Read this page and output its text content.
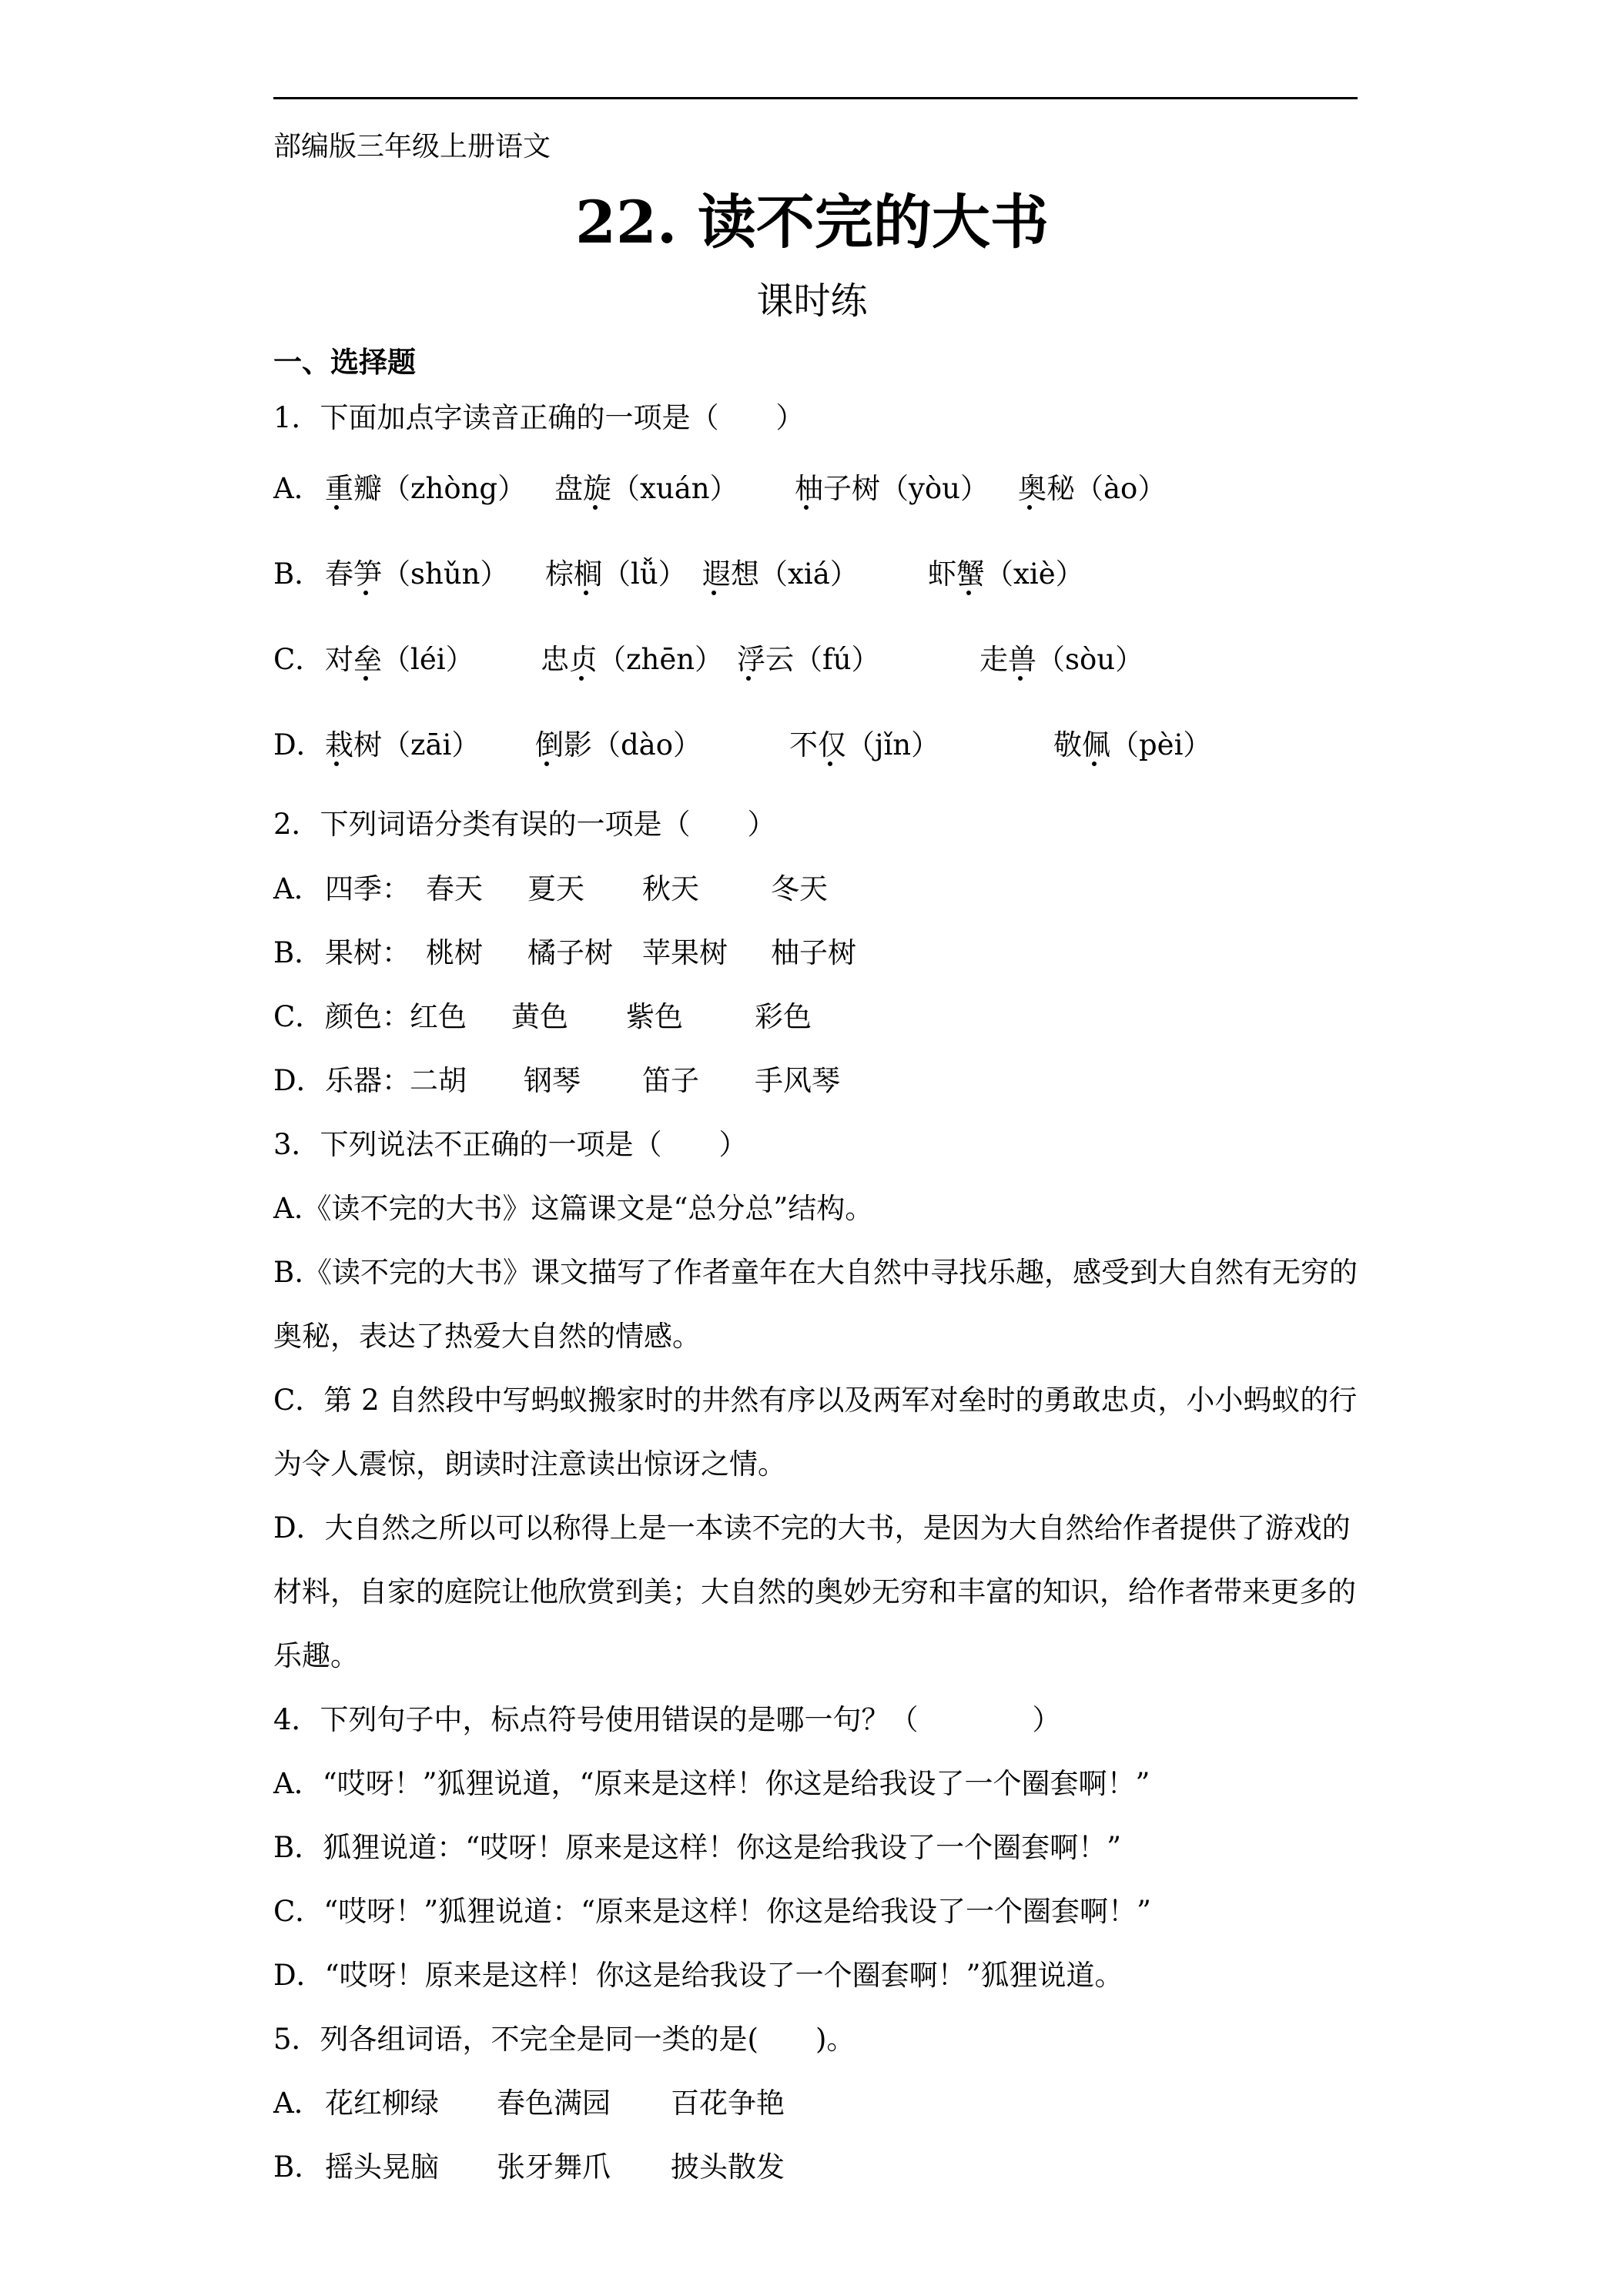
部编版三年级上册语文
22. 读不完的大书
课时练
一、选择题
1．下面加点字读音正确的一项是（　　）
A． 重瓣（zhòng） 盘旋（xuán） 柚子树（yòu） 奥秘（ào）
B． 春笋（shǔn） 棕榈（lǚ） 遐想（xiá） 虾蟹（xiè）
C． 对垒（léi） 忠贞（zhēn） 浮云（fú）	走兽（sòu）
D． 栽树（zāi） 倒影（dào）	不仅（jǐn）	敬佩（pèi）
2．下列词语分类有误的一项是（　　）
A． 四季： 春天 夏天 秋天	冬天
B． 果树： 桃树 橘子树 苹果树 柚子树
C． 颜色： 红色 黄色 紫色	彩色
D． 乐器： 二胡 钢琴 笛子 手风琴
3．下列说法不正确的一项是（　　）
A.《读不完的大书》这篇课文是“总分总”结构。
B.《读不完的大书》课文描写了作者童年在大自然中寻找乐趣，感受到大自然有无穷的
奥秘，表达了热爱大自然的情感。
C．第 2 自然段中写蚂蚁搬家时的井然有序以及两军对垒时的勇敢忠贞，小小蚂蚁的行
为令人震惊，朗读时注意读出惊讶之情。
D．大自然之所以可以称得上是一本读不完的大书，是因为大自然给作者提供了游戏的
材料，自家的庭院让他欣赏到美；大自然的奥妙无穷和丰富的知识，给作者带来更多的
乐趣。
4．下列句子中，标点符号使用错误的是哪一句？（　　　　）
A．“哎呀！”狐狸说道，“原来是这样！你这是给我设了一个圈套啊！”
B．狐狸说道：“哎呀！原来是这样！你这是给我设了一个圈套啊！”
C．“哎呀！”狐狸说道：“原来是这样！你这是给我设了一个圈套啊！”
D．“哎呀！原来是这样！你这是给我设了一个圈套啊！”狐狸说道。
5．列各组词语，不完全是同一类的是(　　)。
A． 花红柳绿 春色满园 百花争艳
B． 摇头晃脑 张牙舞爪 披头散发
